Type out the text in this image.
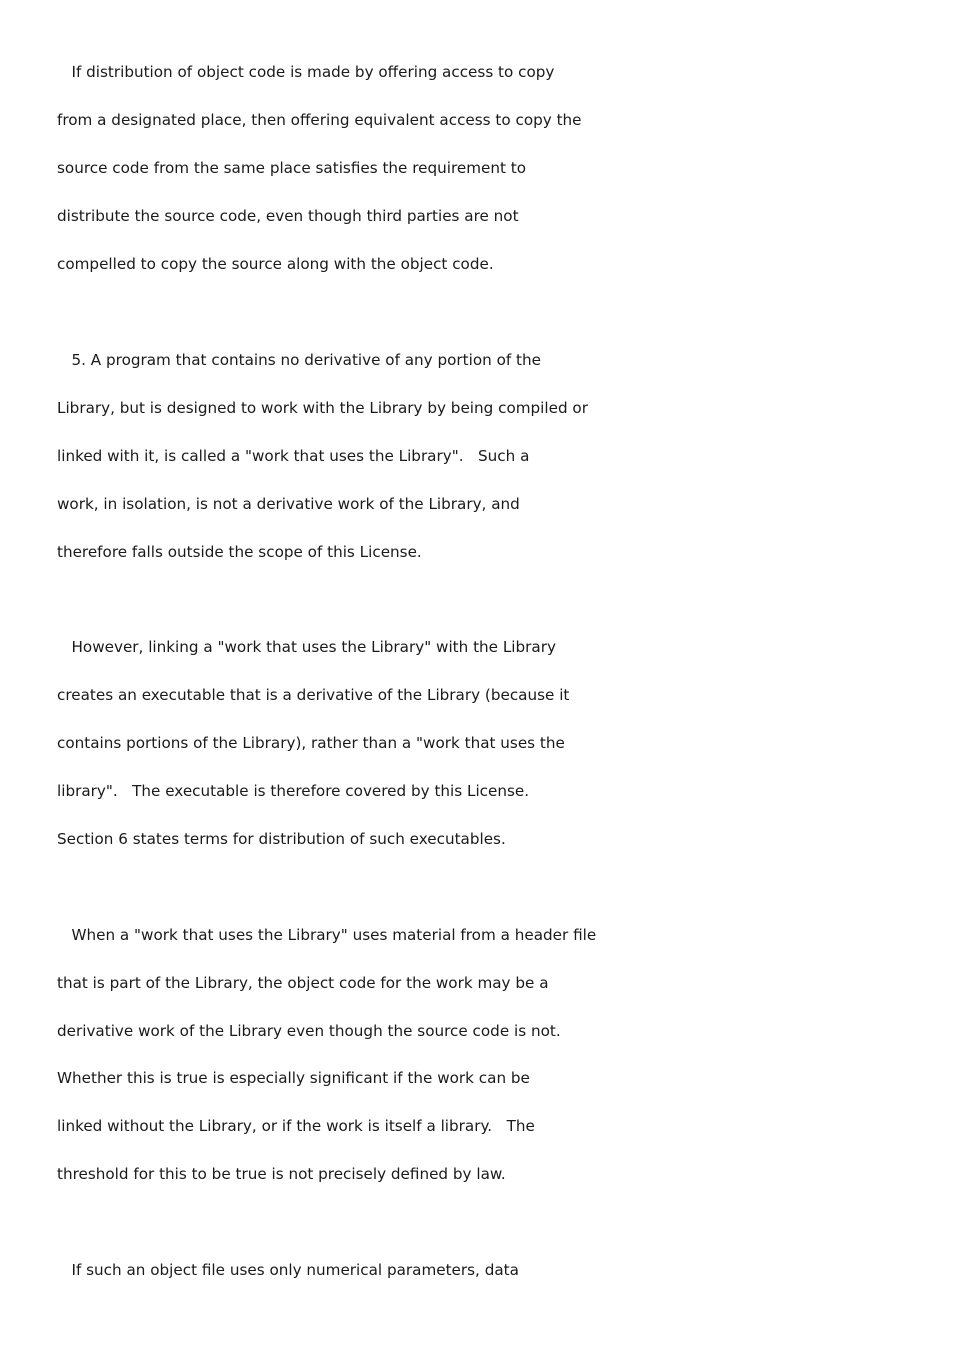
If distribution of object code is made by offering access to copy
from a designated place, then offering equivalent access to copy the
source code from the same place satisfies the requirement to
distribute the source code, even though third parties are not
compelled to copy the source along with the object code.
5. A program that contains no derivative of any portion of the
Library, but is designed to work with the Library by being compiled or
linked with it, is called a "work that uses the Library".   Such a
work, in isolation, is not a derivative work of the Library, and
therefore falls outside the scope of this License.
However, linking a "work that uses the Library" with the Library
creates an executable that is a derivative of the Library (because it
contains portions of the Library), rather than a "work that uses the
library".   The executable is therefore covered by this License.
Section 6 states terms for distribution of such executables.
When a "work that uses the Library" uses material from a header file
that is part of the Library, the object code for the work may be a
derivative work of the Library even though the source code is not.
Whether this is true is especially significant if the work can be
linked without the Library, or if the work is itself a library.   The
threshold for this to be true is not precisely defined by law.
If such an object file uses only numerical parameters, data
